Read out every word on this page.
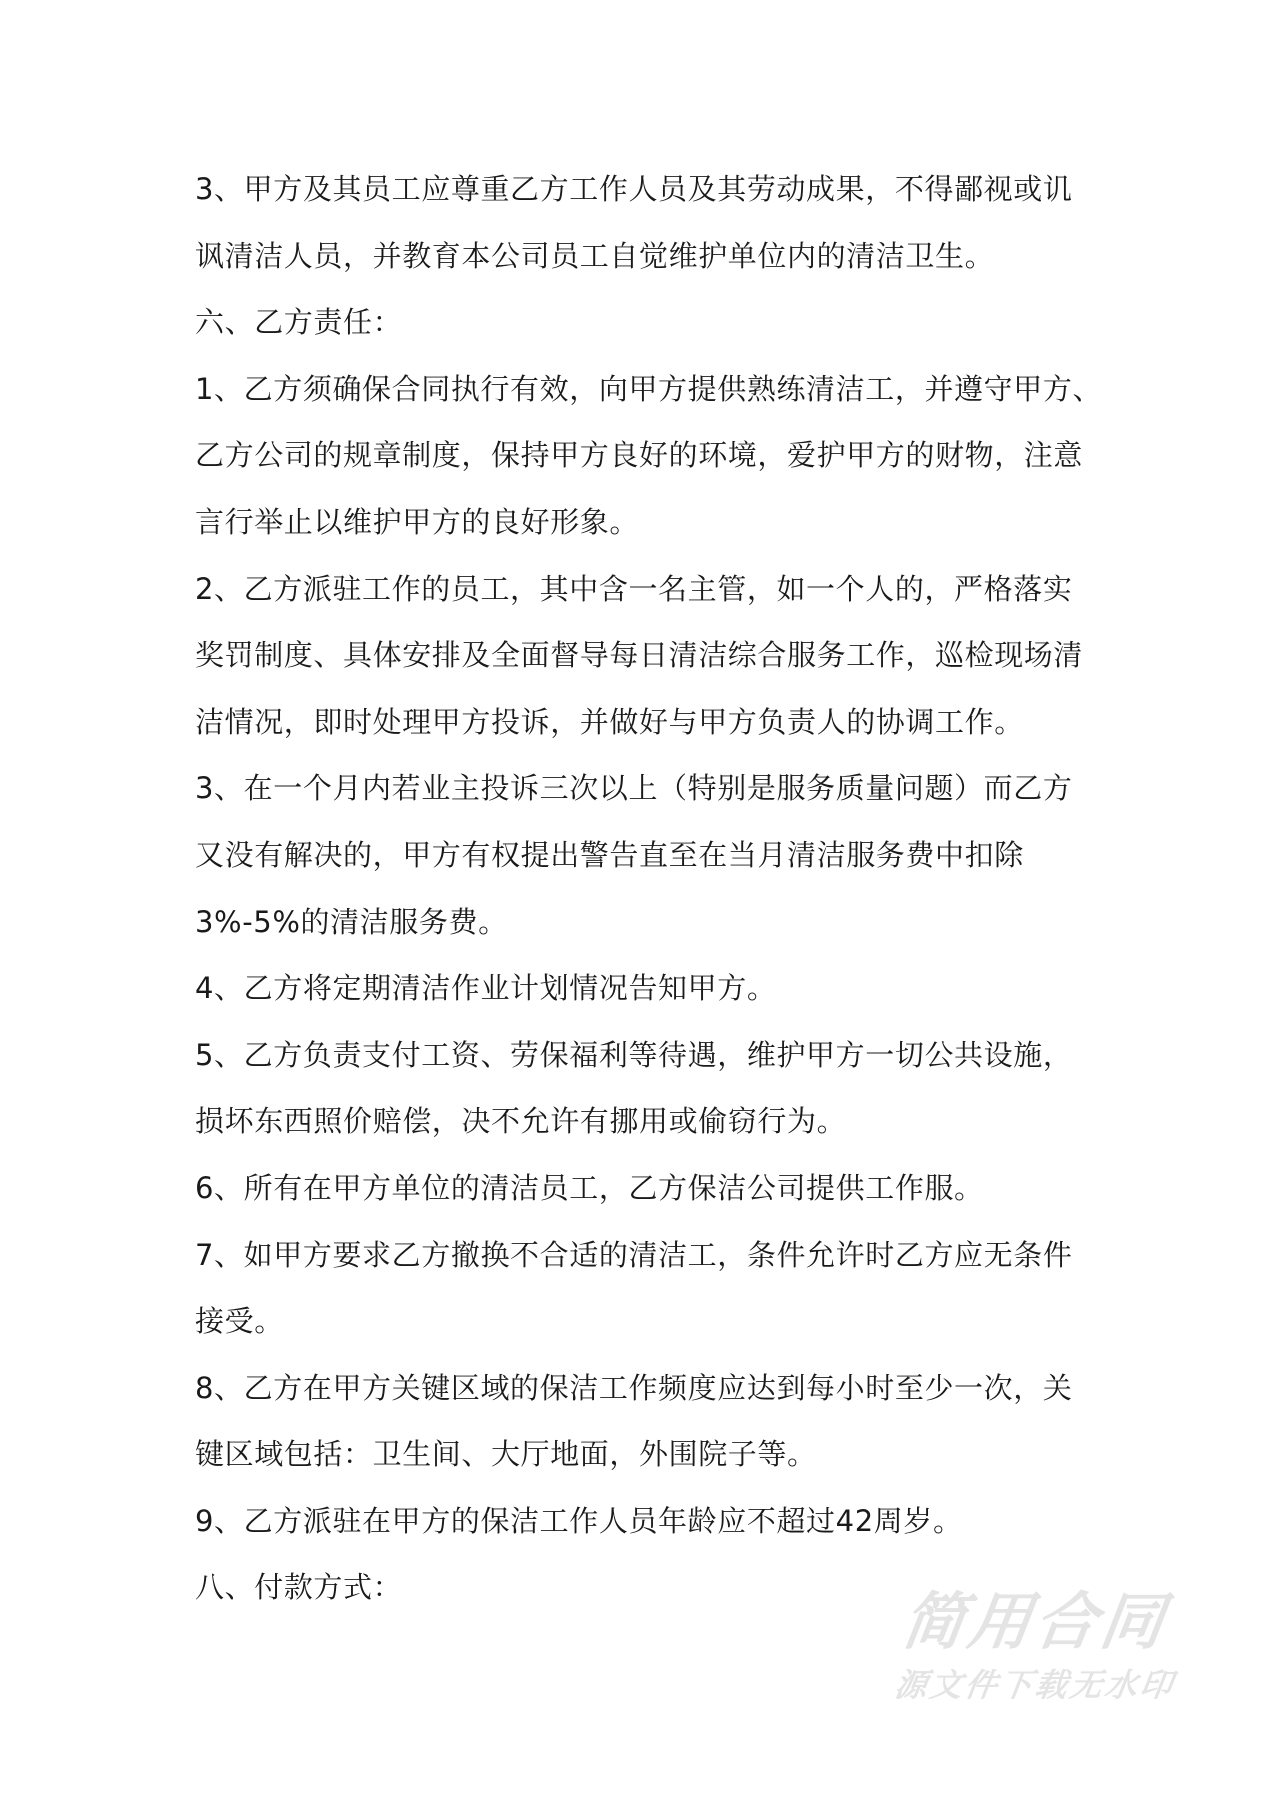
3、甲方及其员工应尊重乙方工作人员及其劳动成果，不得鄙视或讥
讽清洁人员，并教育本公司员工自觉维护单位内的清洁卫生。
六、乙方责任：
1、乙方须确保合同执行有效，向甲方提供熟练清洁工，并遵守甲方、
乙方公司的规章制度，保持甲方良好的环境，爱护甲方的财物，注意
言行举止以维护甲方的良好形象。
2、乙方派驻工作的员工，其中含一名主管，如一个人的，严格落实
奖罚制度、具体安排及全面督导每日清洁综合服务工作，巡检现场清
洁情况，即时处理甲方投诉，并做好与甲方负责人的协调工作。
3、在一个月内若业主投诉三次以上（特别是服务质量问题）而乙方
又没有解决的，甲方有权提出警告直至在当月清洁服务费中扣除
3%-5%的清洁服务费。
4、乙方将定期清洁作业计划情况告知甲方。
5、乙方负责支付工资、劳保福利等待遇，维护甲方一切公共设施，
损坏东西照价赔偿，决不允许有挪用或偷窃行为。
6、所有在甲方单位的清洁员工，乙方保洁公司提供工作服。
7、如甲方要求乙方撤换不合适的清洁工，条件允许时乙方应无条件
接受。
8、乙方在甲方关键区域的保洁工作频度应达到每小时至少一次，关
键区域包括：卫生间、大厅地面，外围院子等。
9、乙方派驻在甲方的保洁工作人员年龄应不超过42周岁。
八、付款方式：	简用合同
源文件下载无水印
